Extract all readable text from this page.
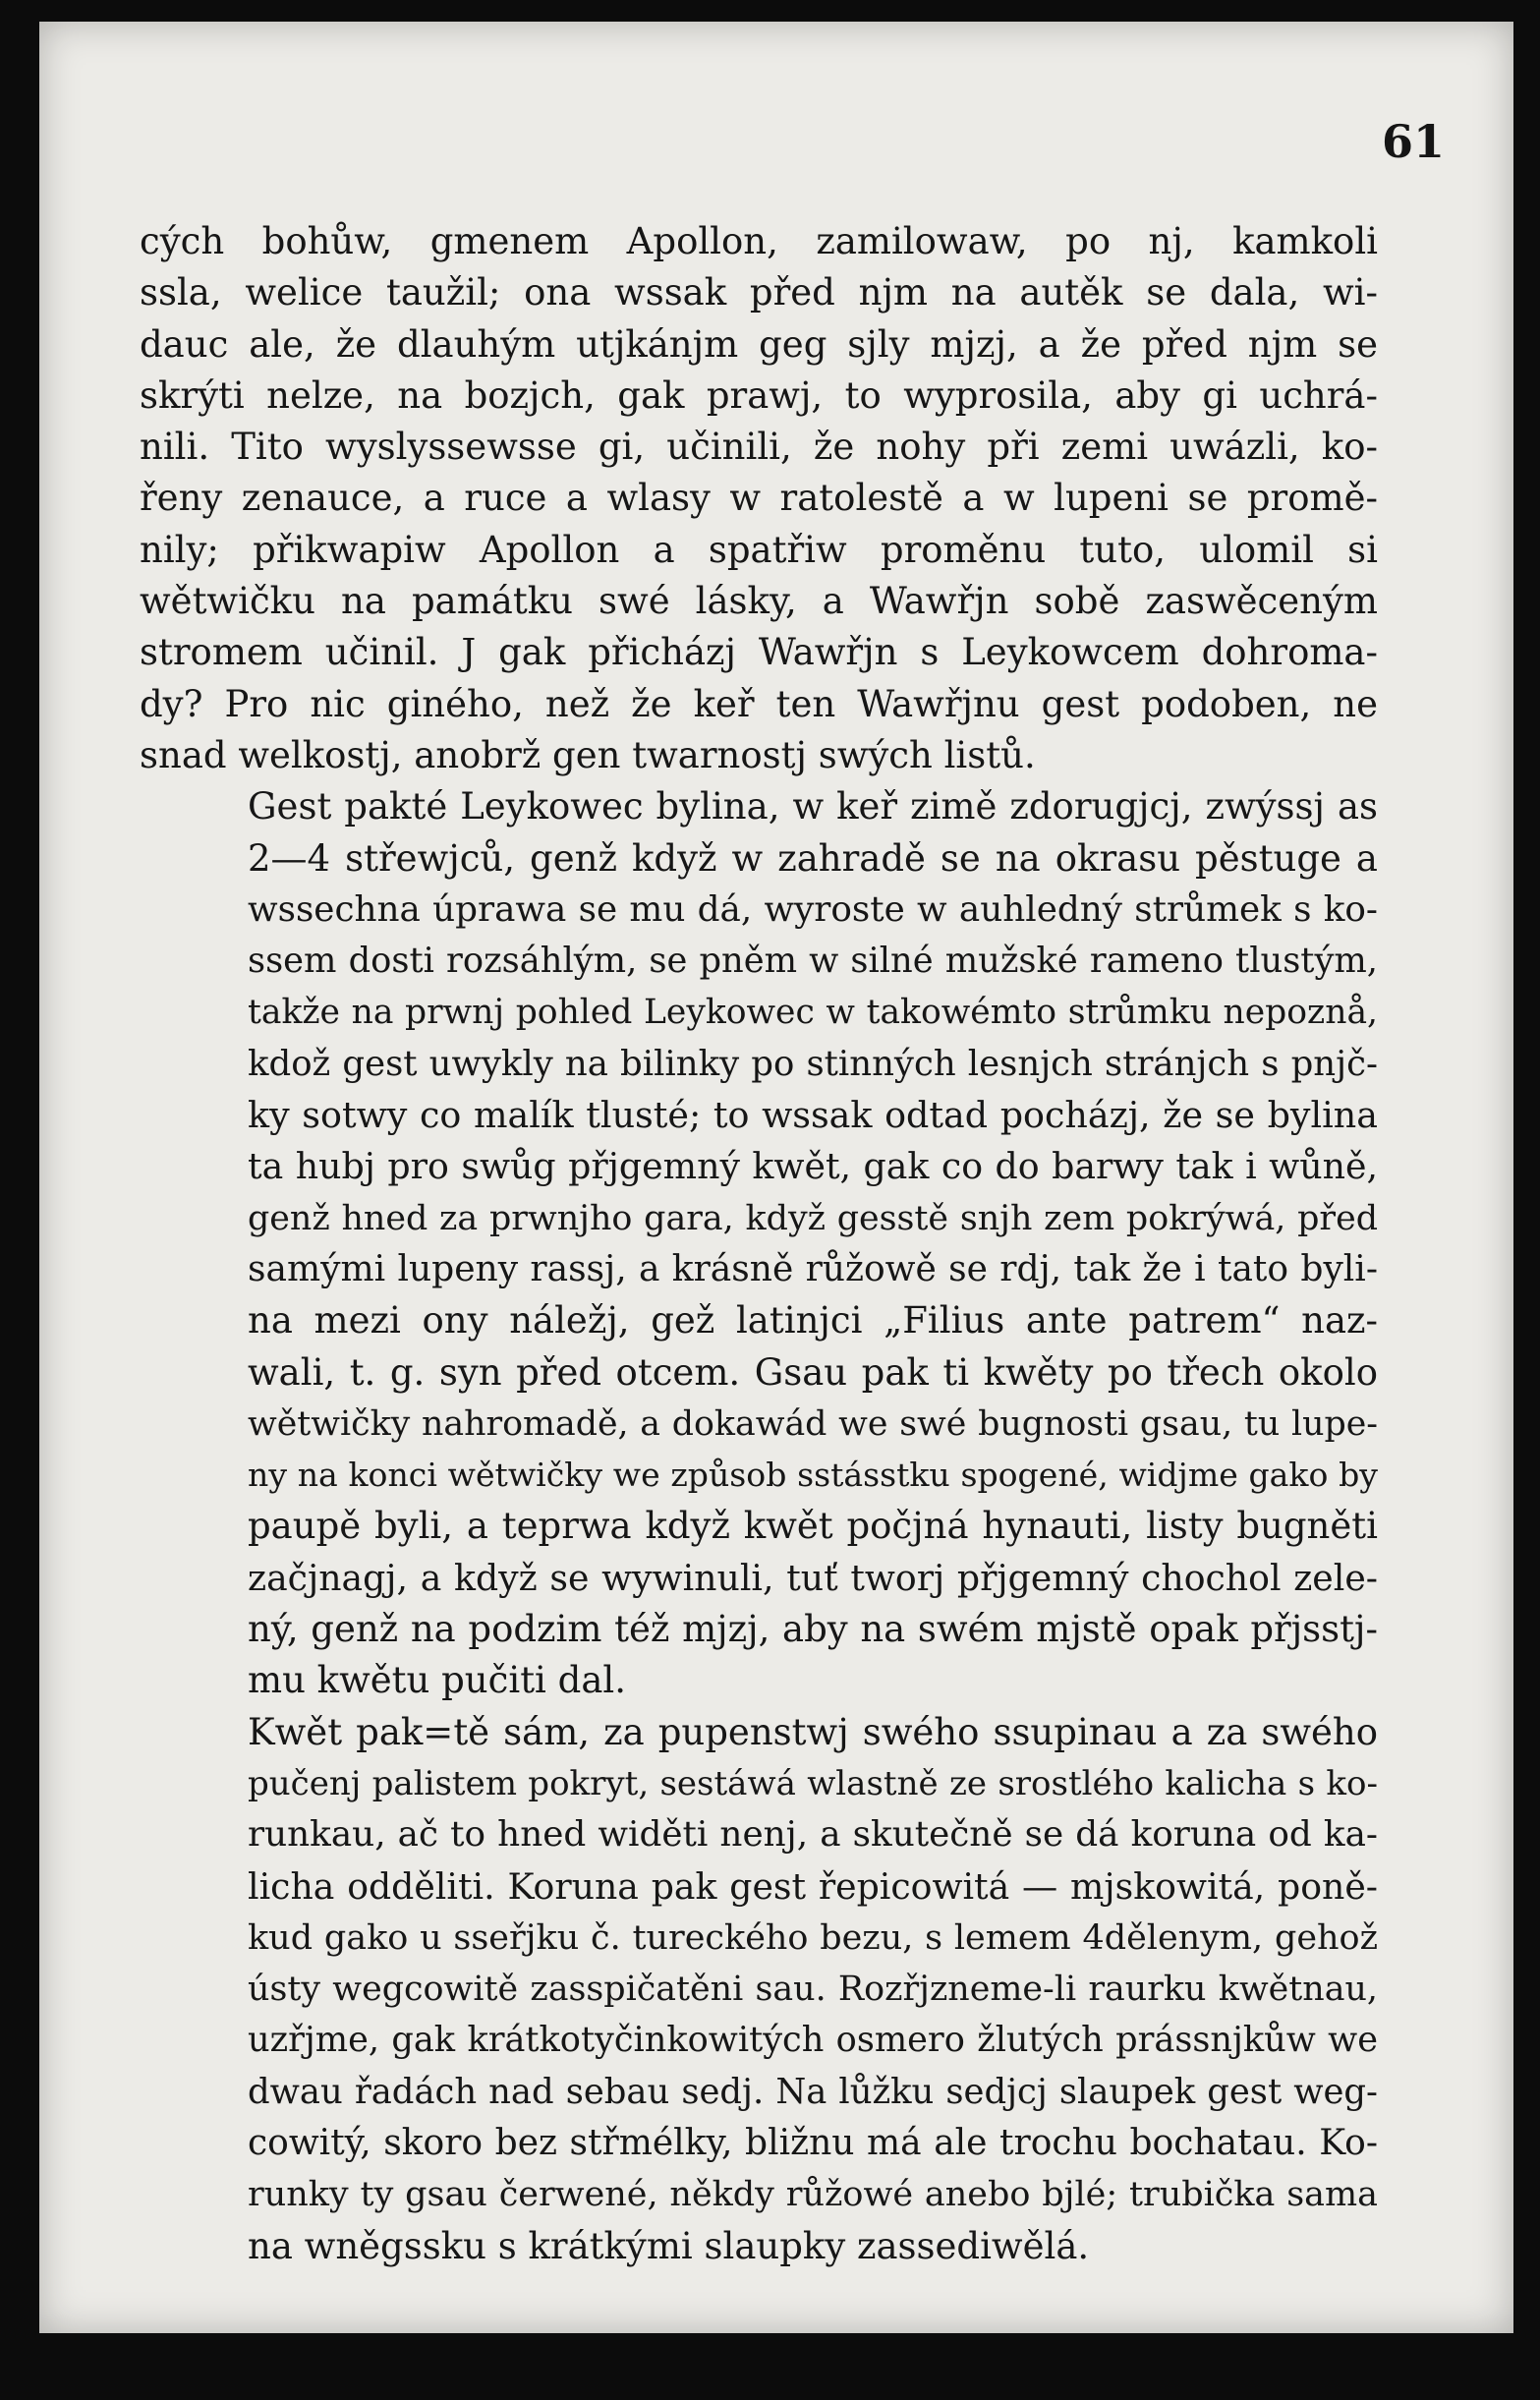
61

cých bohůw, gmenem Apollon, zamilowaw, po nj, kamkoli
ssla, welice taužil; ona wssak před njm na autěk se dala, wi-
dauc ale, že dlauhým utjkánjm geg sjly mjzj, a že před njm se
skrýti nelze, na bozjch, gak prawj, to wyprosila, aby gi uchrá-
nili. Tito wyslyssewsse gi, učinili, že nohy při zemi uwázli, ko-
řeny zenauce, a ruce a wlasy w ratolestě a w lupeni se promě-
nily; přikwapiw Apollon a spatřiw proměnu tuto, ulomil si
wětwičku na památku swé lásky, a Wawřjn sobě zaswěceným
stromem učinil. J gak přicházj Wawřjn s Leykowcem dohroma-
dy? Pro nic giného, než že keř ten Wawřjnu gest podoben, ne
snad welkostj, anobrž gen twarnostj swých listů.

Gest pakté Leykowec bylina, w keř zimě zdorugjcj, zwýssj as
2—4 střewjců, genž když w zahradě se na okrasu pěstuge a
wssechna úprawa se mu dá, wyroste w auhledný strůmek s ko-
ssem dosti rozsáhlým, se pněm w silné mužské rameno tlustým,
takže na prwnj pohled Leykowec w takowémto strůmku nepoznå,
kdož gest uwykly na bilinky po stinných lesnjch stránjch s pnjč-
ky sotwy co malík tlusté; to wssak odtad pocházj, že se bylina
ta hubj pro swůg přjgemný kwět, gak co do barwy tak i wůně,
genž hned za prwnjho gara, když gesstě snjh zem pokrýwá, před
samými lupeny rassj, a krásně růžowě se rdj, tak že i tato byli-
na mezi ony náležj, gež latinjci „Filius ante patrem“ naz-
wali, t. g. syn před otcem. Gsau pak ti kwěty po třech okolo
wětwičky nahromadě, a dokawád we swé bugnosti gsau, tu lupe-
ny na konci wětwičky we způsob sstásstku spogené, widjme gako by
paupě byli, a teprwa když kwět počjná hynauti, listy bugněti
začjnagj, a když se wywinuli, tuť tworj přjgemný chochol zele-
ný, genž na podzim též mjzj, aby na swém mjstě opak přjsstj-
mu kwětu pučiti dal.

Kwět pak=tě sám, za pupenstwj swého ssupinau a za swého
pučenj palistem pokryt, sestáwá wlastně ze srostlého kalicha s ko-
runkau, ač to hned widěti nenj, a skutečně se dá koruna od ka-
licha odděliti. Koruna pak gest řepicowitá — mjskowitá, poně-
kud gako u sseřjku č. tureckého bezu, s lemem 4dělenym, gehož
ústy wegcowitě zasspičatěni sau. Rozřjzneme-li raurku kwětnau,
uzřjme, gak krátkotyčinkowitých osmero žlutých prássnjkůw we
dwau řadách nad sebau sedj. Na lůžku sedjcj slaupek gest weg-
cowitý, skoro bez střmélky, bližnu má ale trochu bochatau. Ko-
runky ty gsau čerwené, někdy růžowé anebo bjlé; trubička sama
na wněgssku s krátkými slaupky zassediwělá.
